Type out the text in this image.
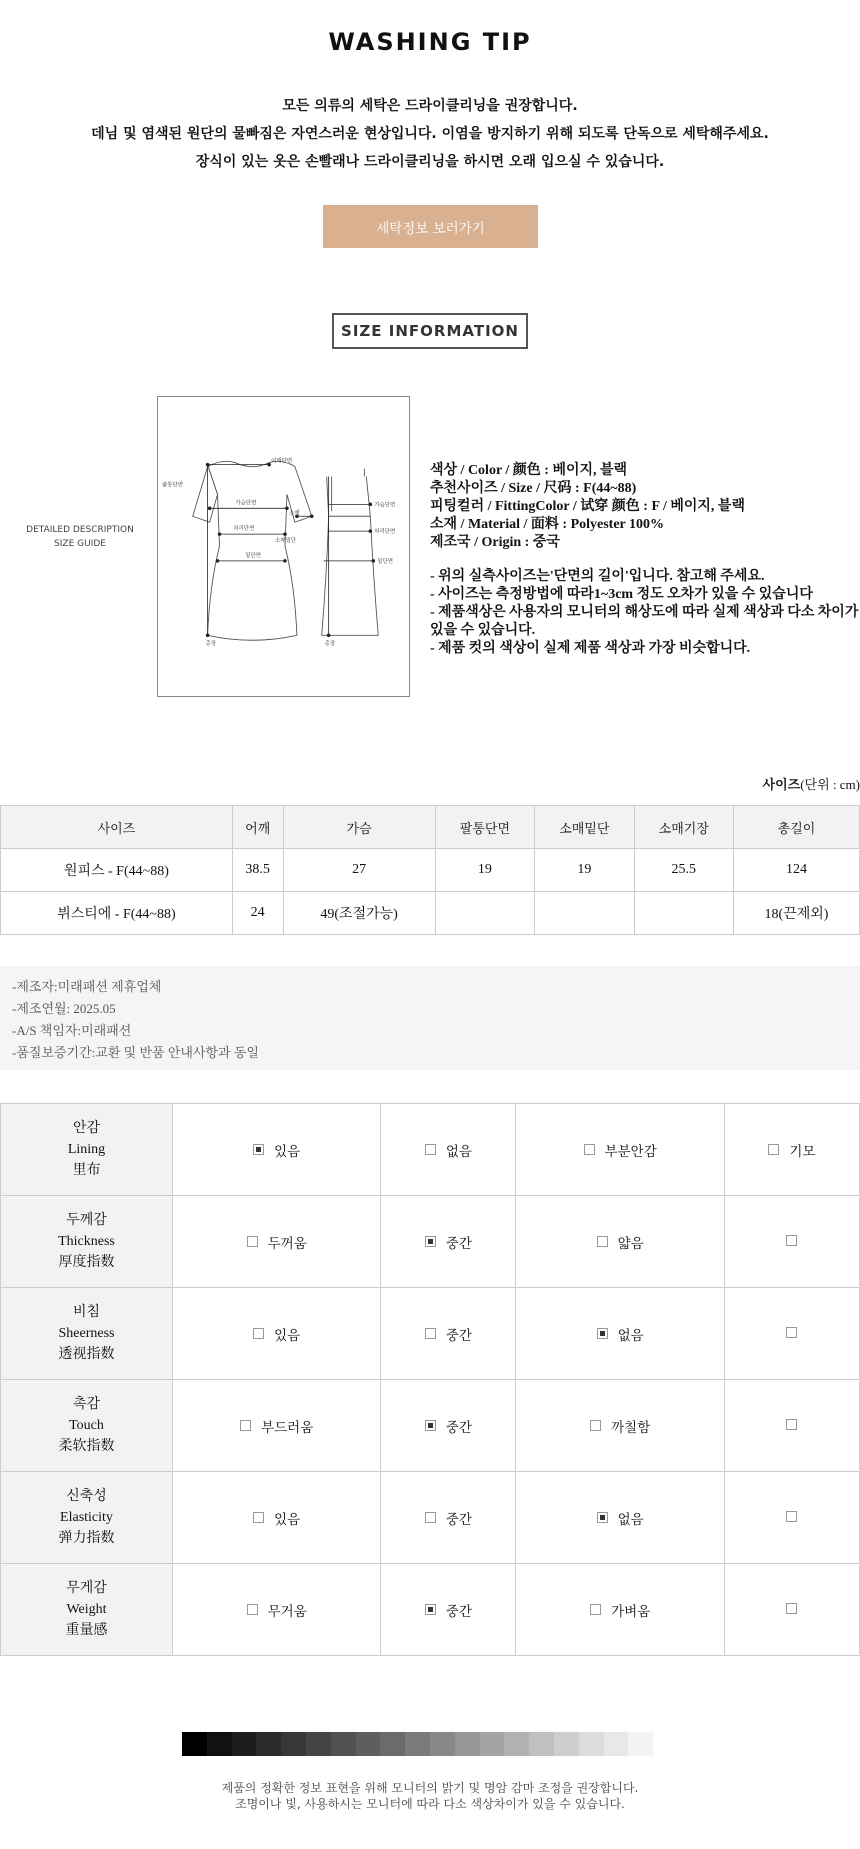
WASHING TIP
모든 의류의 세탁은 드라이클리닝을 권장합니다.
데님 및 염색된 원단의 물빠짐은 자연스러운 현상입니다. 이염을 방지하기 위해 되도록 단독으로 세탁해주세요.
장식이 있는 옷은 손빨래나 드라이클리닝을 하시면 오래 입으실 수 있습니다.
세탁정보 보러가기
SIZE INFORMATION
DETAILED DESCRIPTION
SIZE GUIDE
어깨단면
팔통단면
가슴단면
소매
허리단면
소매밑단
밑단면
총장
가슴단면
허리단면
밑단면
총장
색상 / Color / 颜色 : 베이지, 블랙
추천사이즈 / Size / 尺码 : F(44~88)
피팅컬러 / FittingColor / 试穿 颜色 : F / 베이지, 블랙
소재 / Material / 面料 : Polyester 100%
제조국 / Origin : 중국
- 위의 실측사이즈는'단면의 길이'입니다. 참고해 주세요.
- 사이즈는 측정방법에 따라1~3cm 정도 오차가 있을 수 있습니다
- 제품색상은 사용자의 모니터의 해상도에 따라 실제 색상과 다소 차이가 있을 수 있습니다.
- 제품 컷의 색상이 실제 제품 색상과 가장 비슷합니다.
사이즈(단위 : cm)
사이즈	어깨	가슴	팔통단면	소매밑단	소매기장	총길이
원피스 - F(44~88)	38.5	27	19	19	25.5	124
뷔스티에 - F(44~88)	24	49(조절가능)				18(끈제외)
-제조자:미래패션 제휴업체
-제조연월: 2025.05
-A/S 책임자:미래패션
-품질보증기간:교환 및 반품 안내사항과 동일
안감
Lining
里布	있음	없음	부분안감	기모

두께감
Thickness
厚度指数	두꺼움	중간	얇음	

비침
Sheerness
透视指数	있음	중간	없음	

촉감
Touch
柔软指数	부드러움	중간	까칠함	

신축성
Elasticity
弹力指数	있음	중간	없음	

무게감
Weight
重量感	무거움	중간	가벼움	

제품의 정확한 정보 표현을 위해 모니터의 밝기 및 명암 감마 조정을 권장합니다.
조명이나 빛, 사용하시는 모니터에 따라 다소 색상차이가 있을 수 있습니다.
